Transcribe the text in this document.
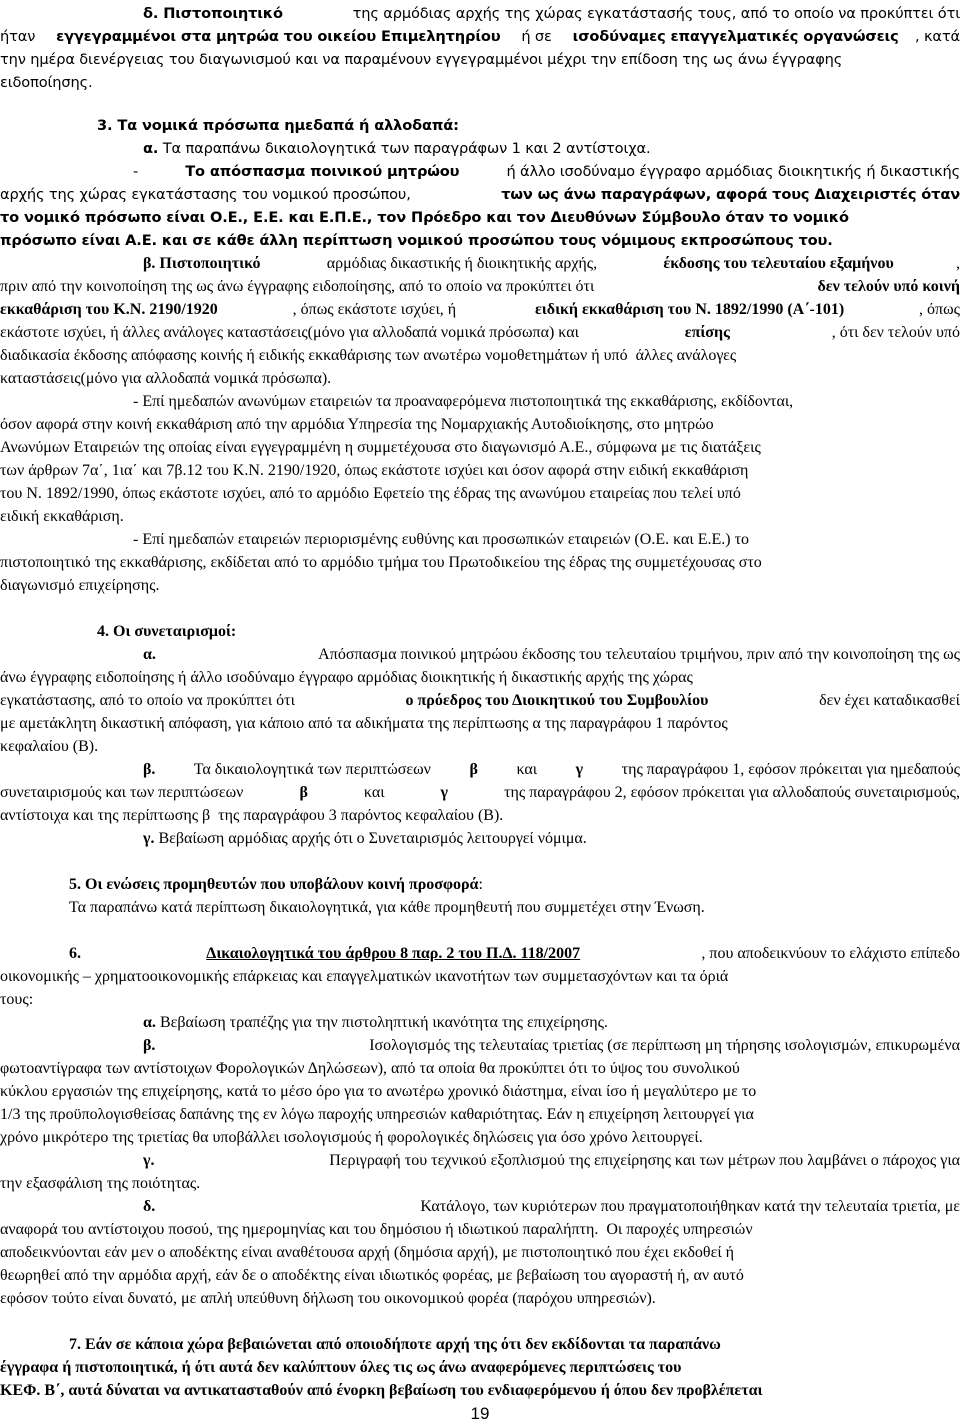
δ. Πιστοποιητικό	της αρμόδιας αρχής της χώρας εγκατάστασής τους, από το οποίο να προκύπτει ότι
ήταν εγγεγραμμένοι στα μητρώα του οικείου Επιμελητηρίου ή σε ισοδύναμες επαγγελματικές οργανώσεις , κατά
την ημέρα διενέργειας του διαγωνισμού και να παραμένουν εγγεγραμμένοι μέχρι την επίδοση της ως άνω έγγραφης
ειδοποίησης.
3. Τα νομικά πρόσωπα ημεδαπά ή αλλοδαπά:
α. Τα παραπάνω δικαιολογητικά των παραγράφων 1 και 2 αντίστοιχα.
-	Το απόσπασμα ποινικού μητρώου	ή άλλο ισοδύναμο έγγραφο αρμόδιας διοικητικής ή δικαστικής
αρχής της χώρας εγκατάστασης του νομικού προσώπου,	των ως άνω παραγράφων, αφορά τους Διαχειριστές όταν
το νομικό πρόσωπο είναι Ο.Ε., Ε.Ε. και Ε.Π.Ε., τον Πρόεδρο και τον Διευθύνων Σύμβουλο όταν το νομικό
πρόσωπο είναι Α.Ε. και σε κάθε άλλη περίπτωση νομικού προσώπου τους νόμιμους εκπροσώπους του.
β. Πιστοποιητικό	αρμόδιας δικαστικής ή διοικητικής αρχής,	έκδοσης του τελευταίου εξαμήνου	,
πριν από την κοινοποίηση της ως άνω έγγραφης ειδοποίησης, από το οποίο να προκύπτει ότι	δεν τελούν υπό κοινή
εκκαθάριση του Κ.Ν. 2190/1920	, όπως εκάστοτε ισχύει, ή	ειδική εκκαθάριση του Ν. 1892/1990 (Α΄-101)	, όπως
εκάστοτε ισχύει, ή άλλες ανάλογες καταστάσεις(μόνο για αλλοδαπά νομικά πρόσωπα) και	επίσης	, ότι δεν τελούν υπό
διαδικασία έκδοσης απόφασης κοινής ή ειδικής εκκαθάρισης των ανωτέρω νομοθετημάτων ή υπό  άλλες ανάλογες
καταστάσεις(μόνο για αλλοδαπά νομικά πρόσωπα).
- Επί ημεδαπών ανωνύμων εταιρειών τα προαναφερόμενα πιστοποιητικά της εκκαθάρισης, εκδίδονται,
όσον αφορά στην κοινή εκκαθάριση από την αρμόδια Υπηρεσία της Νομαρχιακής Αυτοδιοίκησης, στο μητρώο
Ανωνύμων Εταιρειών της οποίας είναι εγγεγραμμένη η συμμετέχουσα στο διαγωνισμό Α.Ε., σύμφωνα με τις διατάξεις
των άρθρων 7α΄, 1ια΄ και 7β.12 του Κ.Ν. 2190/1920, όπως εκάστοτε ισχύει και όσον αφορά στην ειδική εκκαθάριση
του Ν. 1892/1990, όπως εκάστοτε ισχύει, από το αρμόδιο Εφετείο της έδρας της ανωνύμου εταιρείας που τελεί υπό
ειδική εκκαθάριση.
- Επί ημεδαπών εταιρειών περιορισμένης ευθύνης και προσωπικών εταιρειών (Ο.Ε. και Ε.Ε.) το
πιστοποιητικό της εκκαθάρισης, εκδίδεται από το αρμόδιο τμήμα του Πρωτοδικείου της έδρας της συμμετέχουσας στο
διαγωνισμό επιχείρησης.
4. Οι συνεταιρισμοί:
α.	Απόσπασμα ποινικού μητρώου έκδοσης του τελευταίου τριμήνου, πριν από την κοινοποίηση της ως
άνω έγγραφης ειδοποίησης ή άλλο ισοδύναμο έγγραφο αρμόδιας διοικητικής ή δικαστικής αρχής της χώρας
εγκατάστασης, από το οποίο να προκύπτει ότι	ο πρόεδρος του Διοικητικού του Συμβουλίου	δεν έχει καταδικασθεί
με αμετάκλητη δικαστική απόφαση, για κάποιο από τα αδικήματα της περίπτωσης α της παραγράφου 1 παρόντος
κεφαλαίου (Β).
β. Τα δικαιολογητικά των περιπτώσεων β και γ της παραγράφου 1, εφόσον πρόκειται για ημεδαπούς
συνεταιρισμούς και των περιπτώσεων	β	και	γ	της παραγράφου 2, εφόσον πρόκειται για αλλοδαπούς συνεταιρισμούς,
αντίστοιχα και της περίπτωσης β  της παραγράφου 3 παρόντος κεφαλαίου (Β).
γ. Βεβαίωση αρμόδιας αρχής ότι ο Συνεταιρισμός λειτουργεί νόμιμα.
5. Οι ενώσεις προμηθευτών που υποβάλουν κοινή προσφορά:
Τα παραπάνω κατά περίπτωση δικαιολογητικά, για κάθε προμηθευτή που συμμετέχει στην Ένωση.
6.	Δικαιολογητικά του άρθρου 8 παρ. 2 του Π.Δ. 118/2007	, που αποδεικνύουν το ελάχιστο επίπεδο
οικονομικής – χρηματοοικονομικής επάρκειας και επαγγελματικών ικανοτήτων των συμμετασχόντων και τα όριά
τους:
α. Βεβαίωση τραπέζης για την πιστοληπτική ικανότητα της επιχείρησης.
β.	Ισολογισμός της τελευταίας τριετίας (σε περίπτωση μη τήρησης ισολογισμών, επικυρωμένα
φωτοαντίγραφα των αντίστοιχων Φορολογικών Δηλώσεων), από τα οποία θα προκύπτει ότι το ύψος του συνολικού
κύκλου εργασιών της επιχείρησης, κατά το μέσο όρο για το ανωτέρω χρονικό διάστημα, είναι ίσο ή μεγαλύτερο με το
1/3 της προϋπολογισθείσας δαπάνης της εν λόγω παροχής υπηρεσιών καθαριότητας. Εάν η επιχείρηση λειτουργεί για
χρόνο μικρότερο της τριετίας θα υποβάλλει ισολογισμούς ή φορολογικές δηλώσεις για όσο χρόνο λειτουργεί.
γ.	Περιγραφή του τεχνικού εξοπλισμού της επιχείρησης και των μέτρων που λαμβάνει ο πάροχος για
την εξασφάλιση της ποιότητας.
δ.	Κατάλογο, των κυριότερων που πραγματοποιήθηκαν κατά την τελευταία τριετία, με
αναφορά του αντίστοιχου ποσού, της ημερομηνίας και του δημόσιου ή ιδιωτικού παραλήπτη.  Οι παροχές υπηρεσιών
αποδεικνύονται εάν μεν ο αποδέκτης είναι αναθέτουσα αρχή (δημόσια αρχή), με πιστοποιητικό που έχει εκδοθεί ή
θεωρηθεί από την αρμόδια αρχή, εάν δε ο αποδέκτης είναι ιδιωτικός φορέας, με βεβαίωση του αγοραστή ή, αν αυτό
εφόσον τούτο είναι δυνατό, με απλή υπεύθυνη δήλωση του οικονομικού φορέα (παρόχου υπηρεσιών).
7. Εάν σε κάποια χώρα βεβαιώνεται από οποιοδήποτε αρχή της ότι δεν εκδίδονται τα παραπάνω
έγγραφα ή πιστοποιητικά, ή ότι αυτά δεν καλύπτουν όλες τις ως άνω αναφερόμενες περιπτώσεις του
ΚΕΦ. Β΄, αυτά δύναται να αντικατασταθούν από ένορκη βεβαίωση του ενδιαφερόμενου ή όπου δεν προβλέπεται
19
